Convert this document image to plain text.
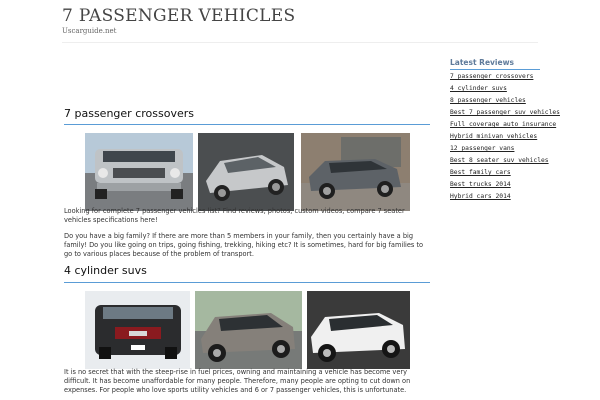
7 PASSENGER VEHICLES
Uscarguide.net
7 passenger crossovers

Looking for complete 7 passenger vehicles list? Find reviews, photos, custom videos, compare 7 seater vehicles specifications here!

Do you have a big family? If there are more than 5 members in your family, then you certainly have a big family! Do you like going on trips, going fishing, trekking, hiking etc? It is sometimes, hard for big families to go to various places because of the problem of transport.

4 cylinder suvs

It is no secret that with the steep-rise in fuel prices, owning and maintaining a vehicle has become very difficult. It has become unaffordable for many people. Therefore, many people are opting to cut down on expenses. For people who love sports utility vehicles and 6 or 7 passenger vehicles, this is unfortunate.

Latest Reviews
7 passenger crossovers
4 cylinder suvs
8 passenger vehicles
Best 7 passenger suv vehicles
Full coverage auto insurance
Hybrid minivan vehicles
12 passenger vans
Best 8 seater suv vehicles
Best family cars
Best trucks 2014
Hybrid cars 2014
